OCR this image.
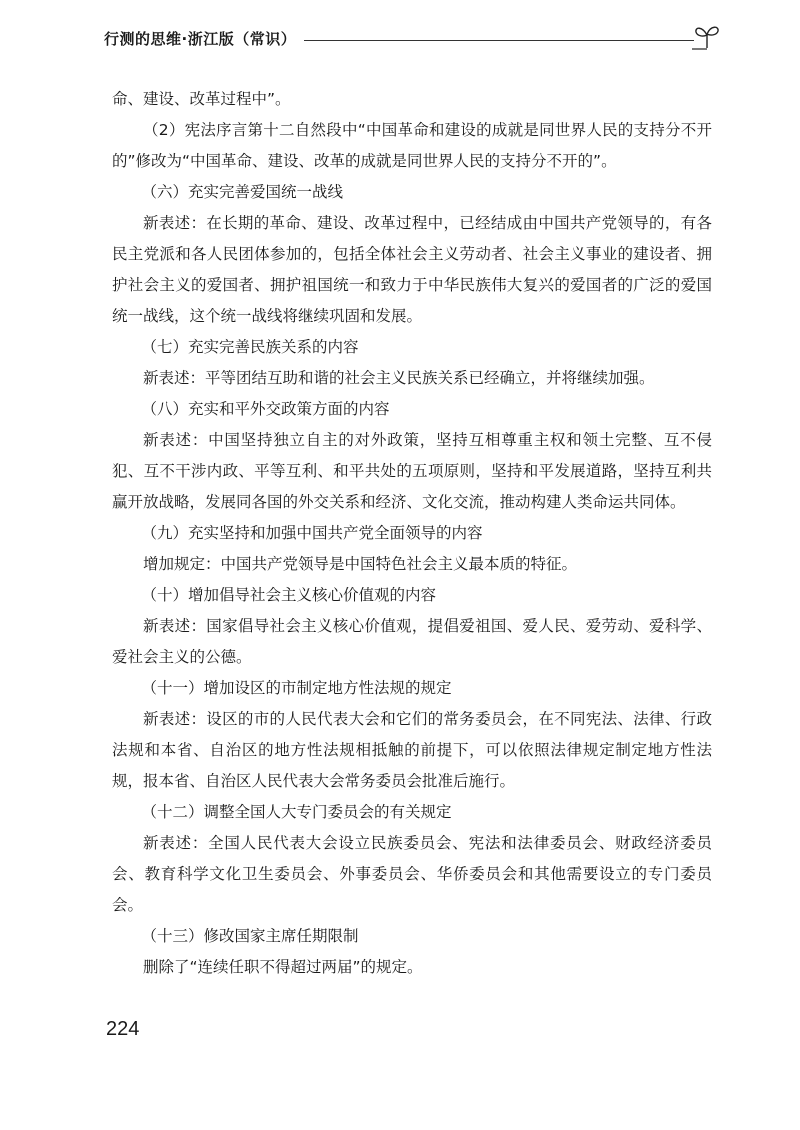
行测的思维·浙江版（常识）

命、建设、改革过程中”。

（2）宪法序言第十二自然段中“中国革命和建设的成就是同世界人民的支持分不开的”修改为“中国革命、建设、改革的成就是同世界人民的支持分不开的”。

（六）充实完善爱国统一战线

新表述：在长期的革命、建设、改革过程中，已经结成由中国共产党领导的，有各民主党派和各人民团体参加的，包括全体社会主义劳动者、社会主义事业的建设者、拥护社会主义的爱国者、拥护祖国统一和致力于中华民族伟大复兴的爱国者的广泛的爱国统一战线，这个统一战线将继续巩固和发展。

（七）充实完善民族关系的内容

新表述：平等团结互助和谐的社会主义民族关系已经确立，并将继续加强。

（八）充实和平外交政策方面的内容

新表述：中国坚持独立自主的对外政策，坚持互相尊重主权和领土完整、互不侵犯、互不干涉内政、平等互利、和平共处的五项原则，坚持和平发展道路，坚持互利共赢开放战略，发展同各国的外交关系和经济、文化交流，推动构建人类命运共同体。

（九）充实坚持和加强中国共产党全面领导的内容

增加规定：中国共产党领导是中国特色社会主义最本质的特征。

（十）增加倡导社会主义核心价值观的内容

新表述：国家倡导社会主义核心价值观，提倡爱祖国、爱人民、爱劳动、爱科学、爱社会主义的公德。

（十一）增加设区的市制定地方性法规的规定

新表述：设区的市的人民代表大会和它们的常务委员会，在不同宪法、法律、行政法规和本省、自治区的地方性法规相抵触的前提下，可以依照法律规定制定地方性法规，报本省、自治区人民代表大会常务委员会批准后施行。

（十二）调整全国人大专门委员会的有关规定

新表述：全国人民代表大会设立民族委员会、宪法和法律委员会、财政经济委员会、教育科学文化卫生委员会、外事委员会、华侨委员会和其他需要设立的专门委员会。

（十三）修改国家主席任期限制

删除了“连续任职不得超过两届”的规定。

224
